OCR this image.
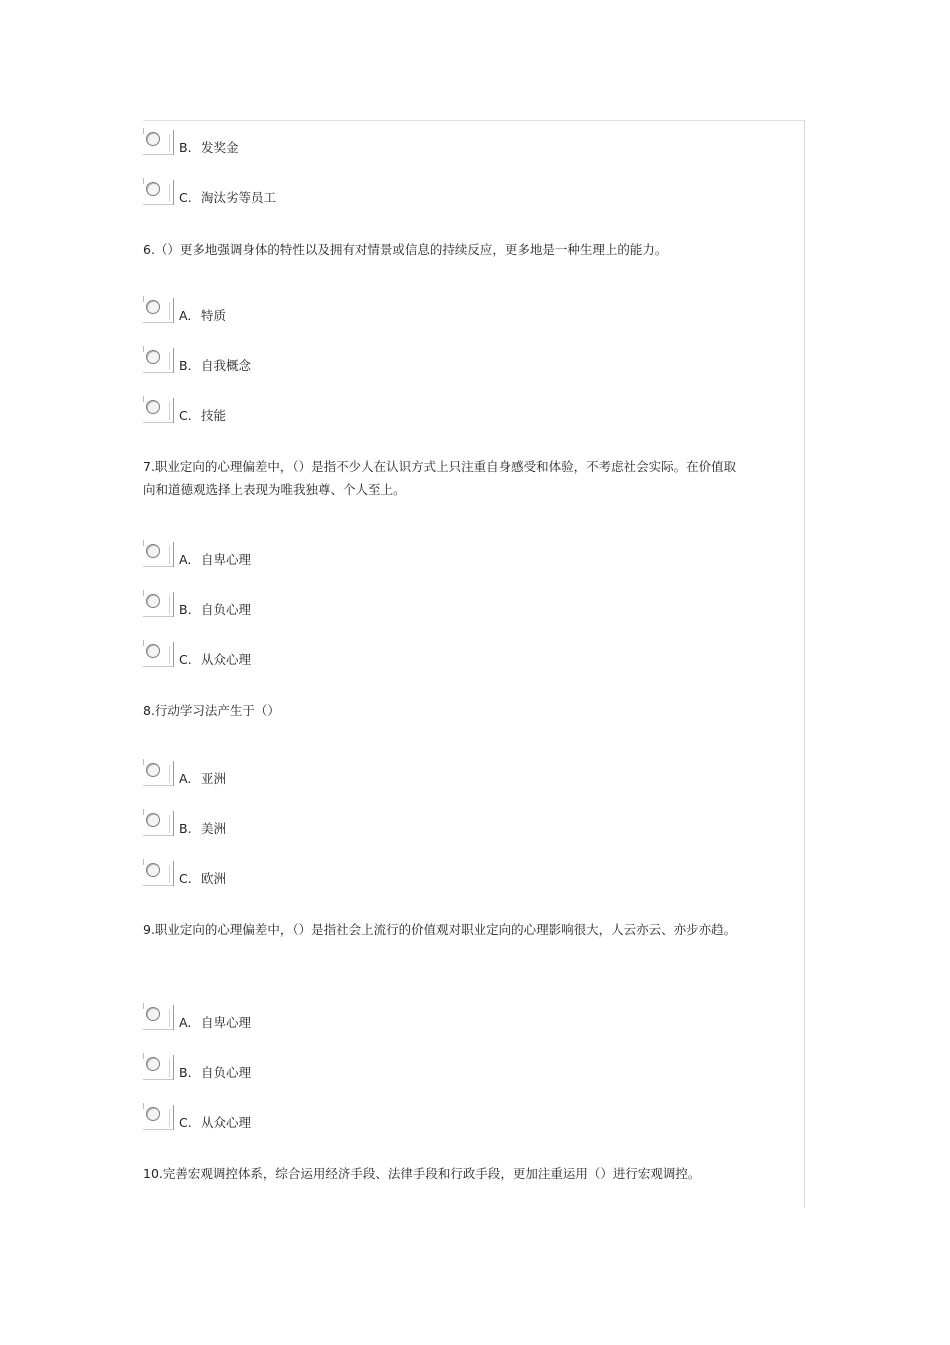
B. 发奖金
C. 淘汰劣等员工
6.（）更多地强调身体的特性以及拥有对情景或信息的持续反应，更多地是一种生理上的能力。
A. 特质
B. 自我概念
C. 技能
7.职业定向的心理偏差中，（）是指不少人在认识方式上只注重自身感受和体验，不考虑社会实际。在价值取向和道德观选择上表现为唯我独尊、个人至上。
A. 自卑心理
B. 自负心理
C. 从众心理
8.行动学习法产生于（）
A. 亚洲
B. 美洲
C. 欧洲
9.职业定向的心理偏差中，（）是指社会上流行的价值观对职业定向的心理影响很大，人云亦云、亦步亦趋。
A. 自卑心理
B. 自负心理
C. 从众心理
10.完善宏观调控体系，综合运用经济手段、法律手段和行政手段，更加注重运用（）进行宏观调控。
